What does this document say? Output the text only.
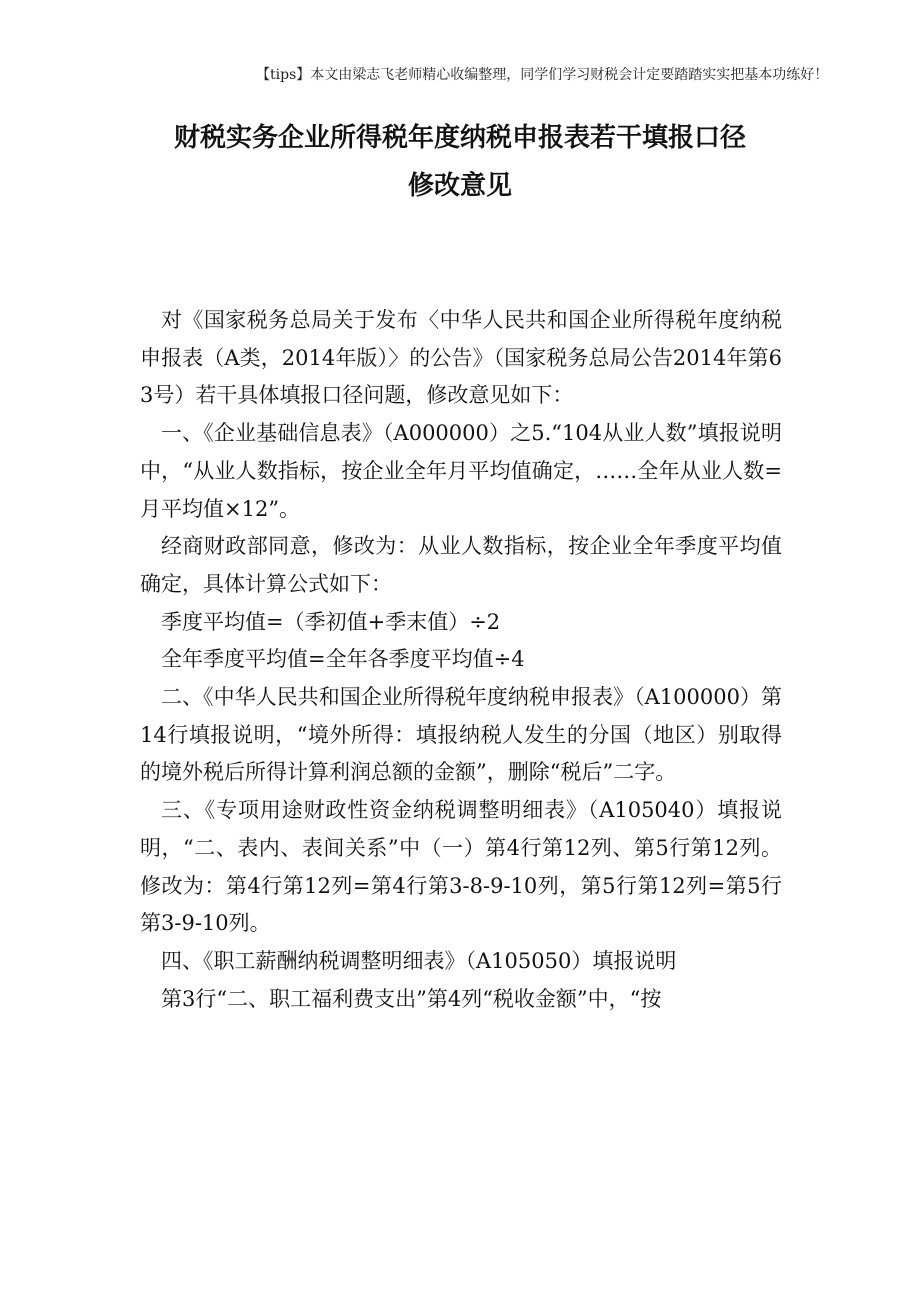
【tips】本文由梁志飞老师精心收编整理，同学们学习财税会计定要踏踏实实把基本功练好！
财税实务企业所得税年度纳税申报表若干填报口径
修改意见

对《国家税务总局关于发布〈中华人民共和国企业所得税年度纳税申报表（A类，2014年版）〉的公告》（国家税务总局公告2014年第63号）若干具体填报口径问题，修改意见如下：

一、《企业基础信息表》（A000000）之5.“104从业人数”填报说明中，“从业人数指标，按企业全年月平均值确定，……全年从业人数=月平均值×12”。

经商财政部同意，修改为：从业人数指标，按企业全年季度平均值确定，具体计算公式如下：

季度平均值=（季初值+季末值）÷2

全年季度平均值=全年各季度平均值÷4

二、《中华人民共和国企业所得税年度纳税申报表》（A100000）第14行填报说明，“境外所得：填报纳税人发生的分国（地区）别取得的境外税后所得计算利润总额的金额”，删除“税后”二字。

三、《专项用途财政性资金纳税调整明细表》（A105040）填报说明，“二、表内、表间关系”中（一）第4行第12列、第5行第12列。修改为：第4行第12列=第4行第3-8-9-10列，第5行第12列=第5行第3-9-10列。

四、《职工薪酬纳税调整明细表》（A105050）填报说明

第3行“二、职工福利费支出”第4列“税收金额”中，“按
